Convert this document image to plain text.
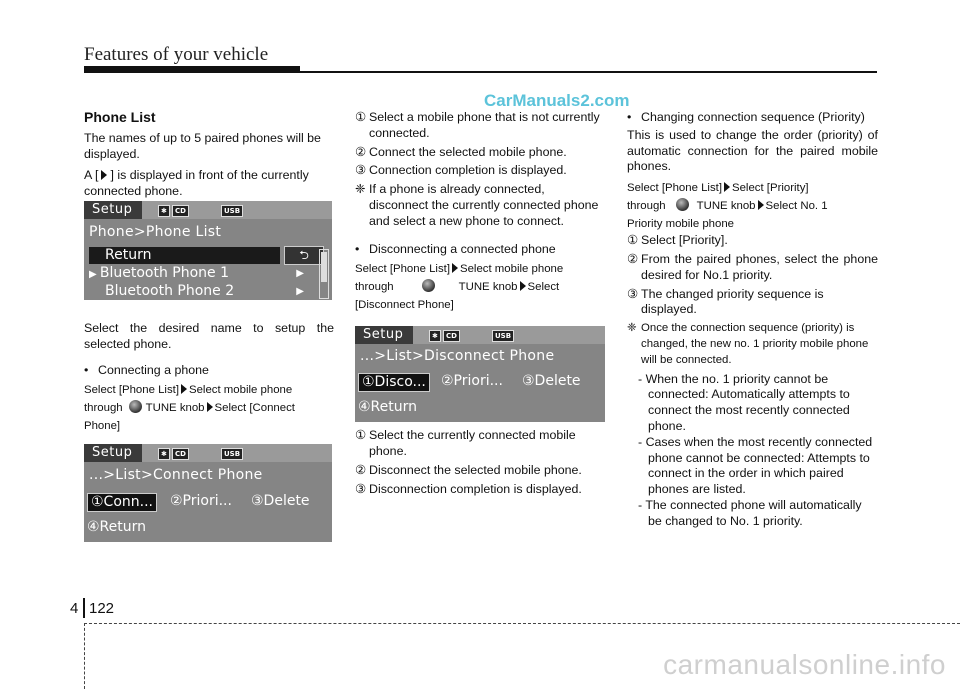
Features of your vehicle
CarManuals2.com

Phone List

The names of up to 5 paired phones will be displayed.

A [ ] is displayed in front of the currently connected phone.

Select the desired name to setup the selected phone.

• Connecting a phone

Select [Phone List] Select mobile phone
through TUNE knob Select [Connect Phone]

Setup	✱	CD	USB
Phone>Phone List
Return	⮌
▶ Bluetooth Phone 1	▶
Bluetooth Phone 2	▶
Setup	✱	CD	USB
...>List>Connect Phone
①Conn... ②Priori... ③Delete
④Return

① Select a mobile phone that is not currently connected.

② Connect the selected mobile phone.

③ Connection completion is displayed.

❈ If a phone is already connected, disconnect the currently connected phone and select a new phone to connect.

• Disconnecting a connected phone

Select [Phone List] Select mobile phone
through	TUNE knob Select [Disconnect Phone]

① Select the currently connected mobile phone.

② Disconnect the selected mobile phone.

③ Disconnection completion is displayed.

Setup	✱	CD	USB
...>List>Disconnect Phone
①Disco... ②Priori... ③Delete
④Return

• Changing connection sequence (Priority)

This is used to change the order (priority) of automatic connection for the paired mobile phones.

Select [Phone List] Select [Priority]
through	TUNE knob Select No. 1
Priority mobile phone

① Select [Priority].

② From the paired phones, select the phone desired for No.1 priority.

③ The changed priority sequence is displayed.

❈ Once the connection sequence (priority) is changed, the new no. 1 priority mobile phone will be connected.

- When the no. 1 priority cannot be connected: Automatically attempts to connect the most recently connected phone.

- Cases when the most recently connected phone cannot be connected: Attempts to connect in the order in which paired phones are listed.

- The connected phone will automatically be changed to No. 1 priority.

4 122
carmanualsonline.info
